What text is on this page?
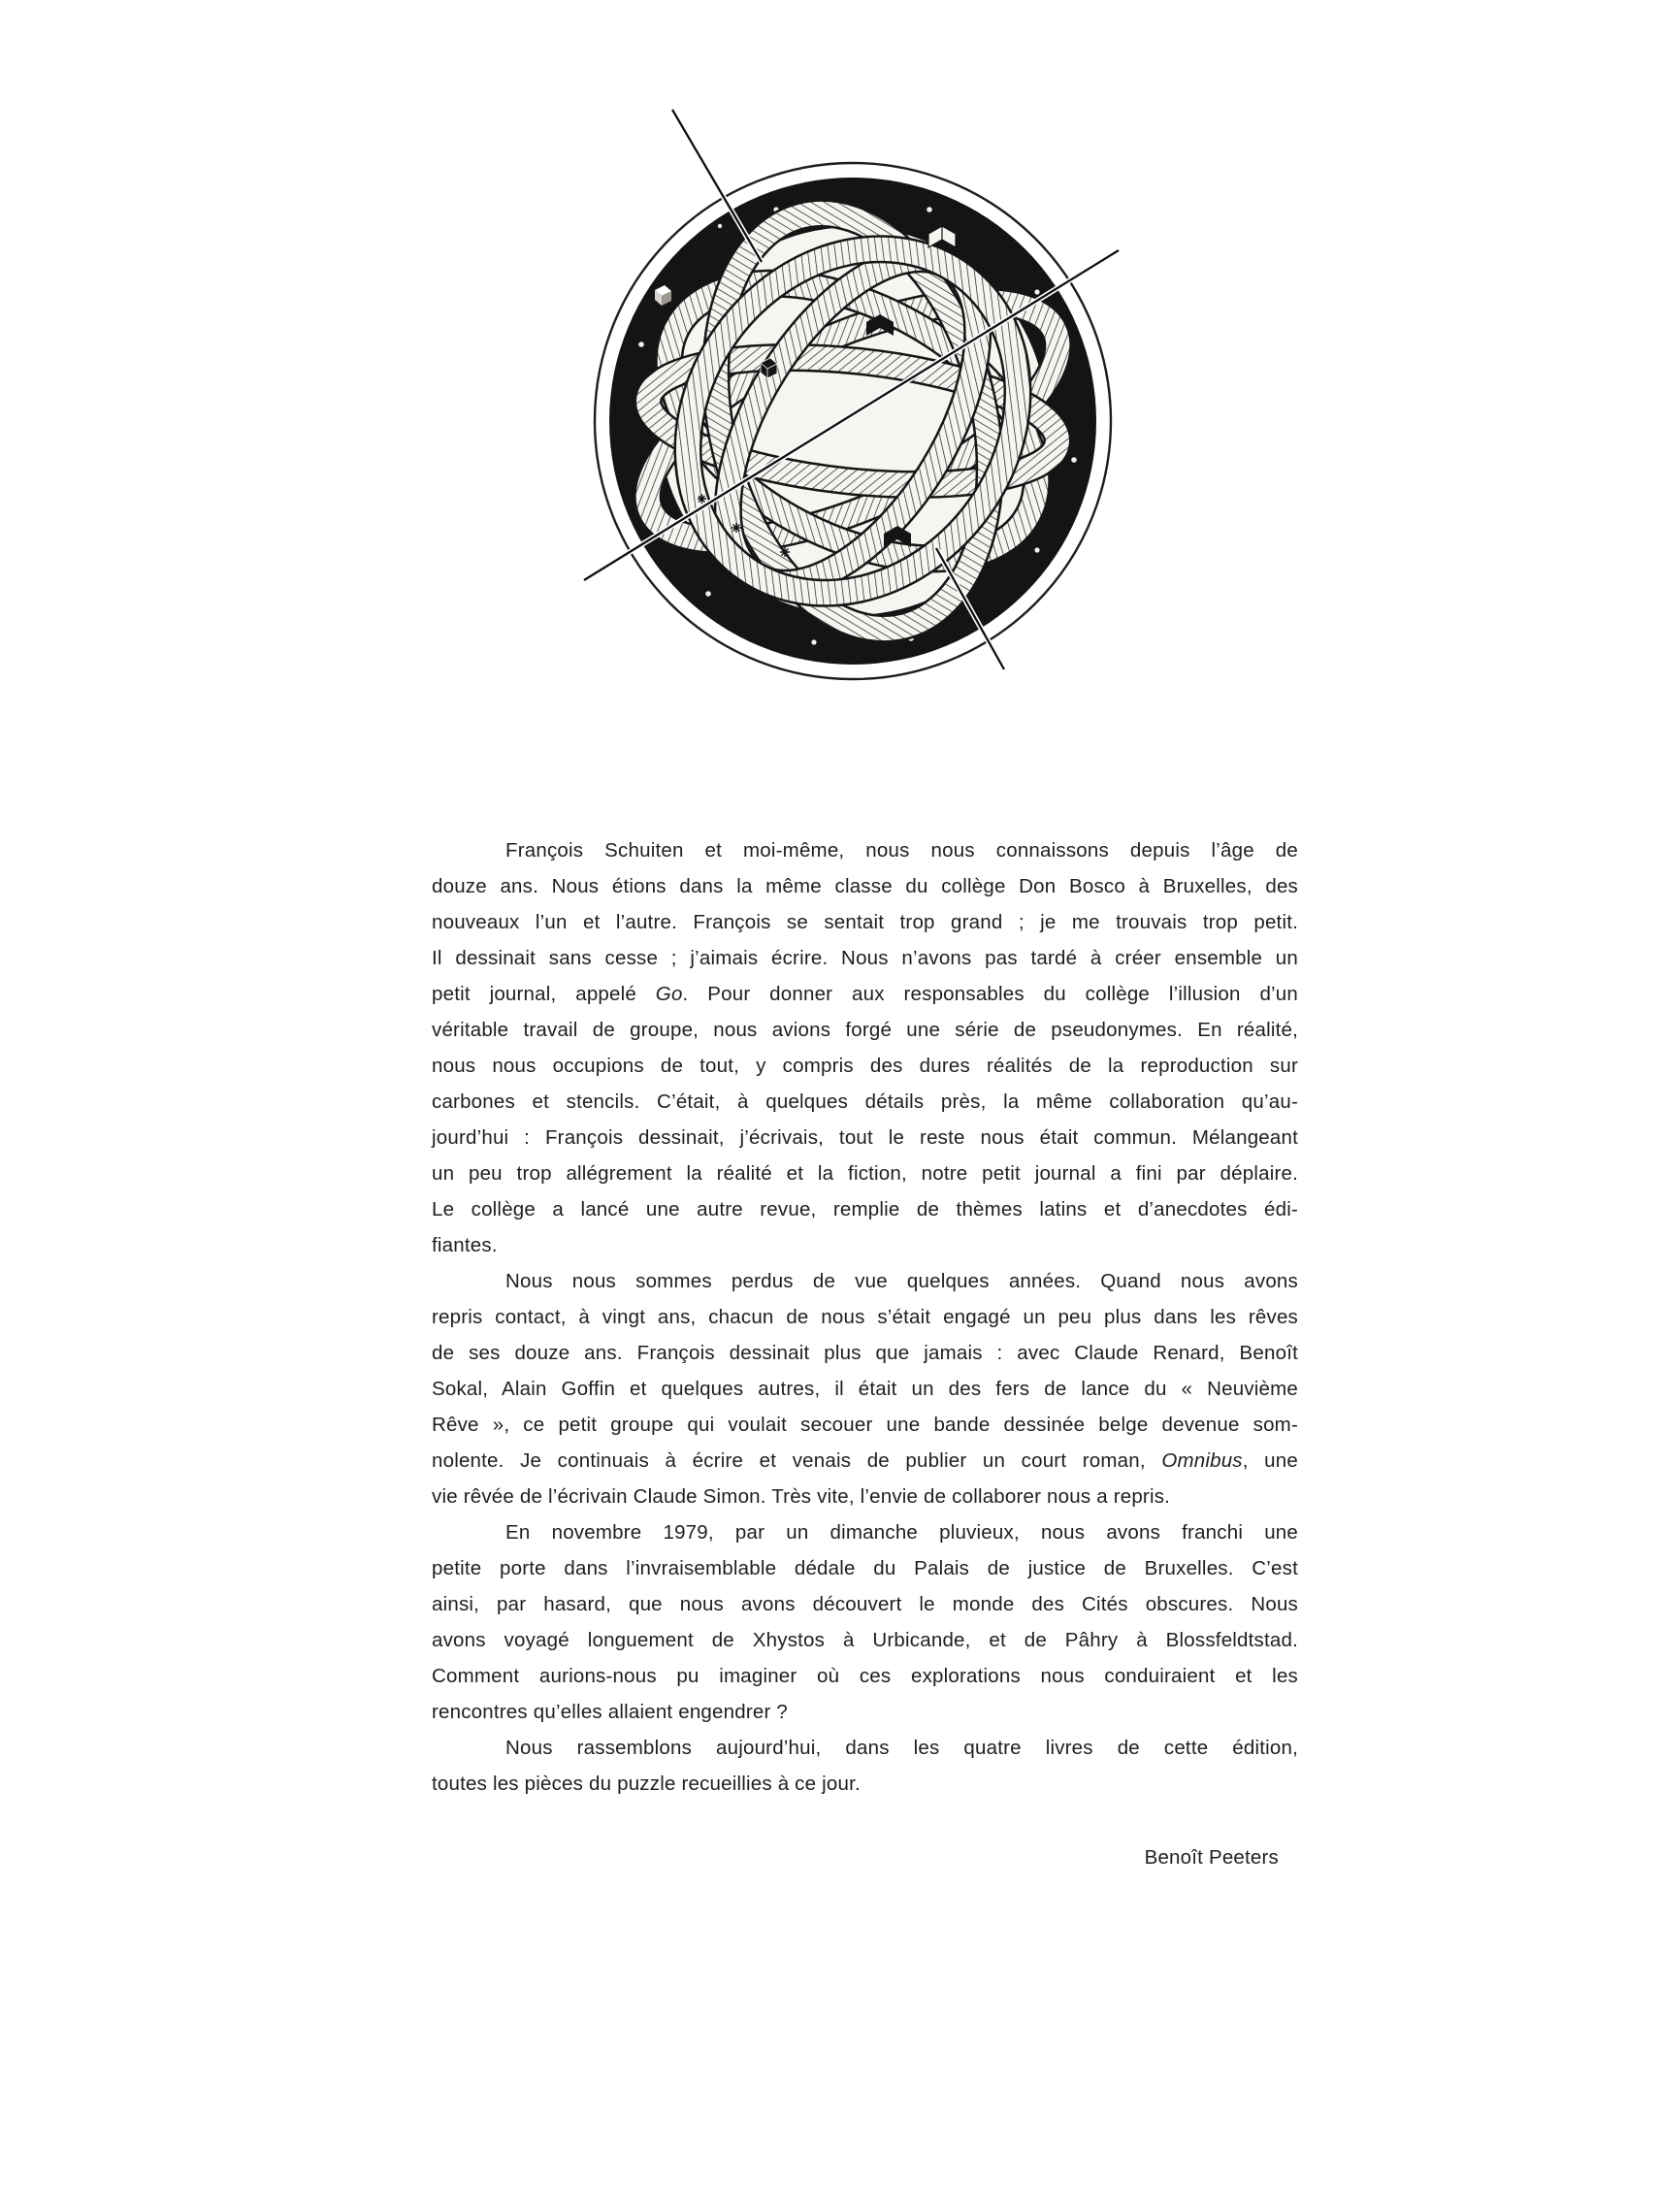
François Schuiten et moi-même, nous nous connaissons depuis l’âge de
douze ans. Nous étions dans la même classe du collège Don Bosco à Bruxelles, des
nouveaux l’un et l’autre. François se sentait trop grand ; je me trouvais trop petit.
Il dessinait sans cesse ; j’aimais écrire. Nous n’avons pas tardé à créer ensemble un
petit journal, appelé Go. Pour donner aux responsables du collège l’illusion d’un
véritable travail de groupe, nous avions forgé une série de pseudonymes. En réalité,
nous nous occupions de tout, y compris des dures réalités de la reproduction sur
carbones et stencils. C’était, à quelques détails près, la même collaboration qu’au-
jourd’hui : François dessinait, j’écrivais, tout le reste nous était commun. Mélangeant
un peu trop allégrement la réalité et la fiction, notre petit journal a fini par déplaire.
Le collège a lancé une autre revue, remplie de thèmes latins et d’anecdotes édi-
fiantes.
Nous nous sommes perdus de vue quelques années. Quand nous avons
repris contact, à vingt ans, chacun de nous s’était engagé un peu plus dans les rêves
de ses douze ans. François dessinait plus que jamais : avec Claude Renard, Benoît
Sokal, Alain Goffin et quelques autres, il était un des fers de lance du « Neuvième
Rêve », ce petit groupe qui voulait secouer une bande dessinée belge devenue som-
nolente. Je continuais à écrire et venais de publier un court roman, Omnibus, une
vie rêvée de l’écrivain Claude Simon. Très vite, l’envie de collaborer nous a repris.
En novembre 1979, par un dimanche pluvieux, nous avons franchi une
petite porte dans l’invraisemblable dédale du Palais de justice de Bruxelles. C’est
ainsi, par hasard, que nous avons découvert le monde des Cités obscures. Nous
avons voyagé longuement de Xhystos à Urbicande, et de Pâhry à Blossfeldtstad.
Comment aurions-nous pu imaginer où ces explorations nous conduiraient et les
rencontres qu’elles allaient engendrer ?
Nous rassemblons aujourd’hui, dans les quatre livres de cette édition,
toutes les pièces du puzzle recueillies à ce jour.
Benoît Peeters
